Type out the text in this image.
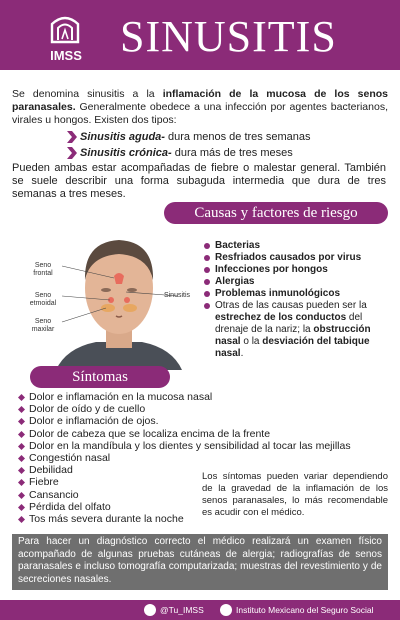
IMSS SINUSITIS
Se denomina sinusitis a la inflamación de la mucosa de los senos paranasales. Generalmente obedece a una infección por agentes bacterianos, virales u hongos. Existen dos tipos:
Sinusitis aguda- dura menos de tres semanas
Sinusitis crónica- dura más de tres meses
Pueden ambas estar acompañadas de fiebre o malestar general. También se suele describir una forma subaguda intermedia que dura de tres semanas a tres meses.
Causas y factores de riesgo
Seno
frontal
Seno
etmoidal
Seno
maxilar
Sinusitis
Bacterias
Resfriados causados por virus
Infecciones por hongos
Alergias
Problemas inmunológicos
Otras de las causas pueden ser la estrechez de los conductos del drenaje de la nariz; la obstrucción nasal o la desviación del tabique nasal.
Síntomas
Dolor e inflamación en la mucosa nasal
Dolor de oído y de cuello
Dolor e inflamación de ojos.
Dolor de cabeza que se localiza encima de la frente
Dolor en la mandíbula y los dientes y sensibilidad al tocar las mejillas
Congestión nasal
Debilidad
Fiebre
Cansancio
Pérdida del olfato
Tos más severa durante la noche
Los síntomas pueden variar dependiendo de la gravedad de la inflamación de los senos paranasales, lo más recomendable es acudir con el médico.
Para hacer un diagnóstico correcto el médico realizará un examen físico acompañado de algunas pruebas cutáneas de alergia; radiografías de senos paranasales e incluso tomografía computarizada; muestras del revestimiento y de secreciones nasales.
@Tu_IMSS	Instituto Mexicano del Seguro Social
